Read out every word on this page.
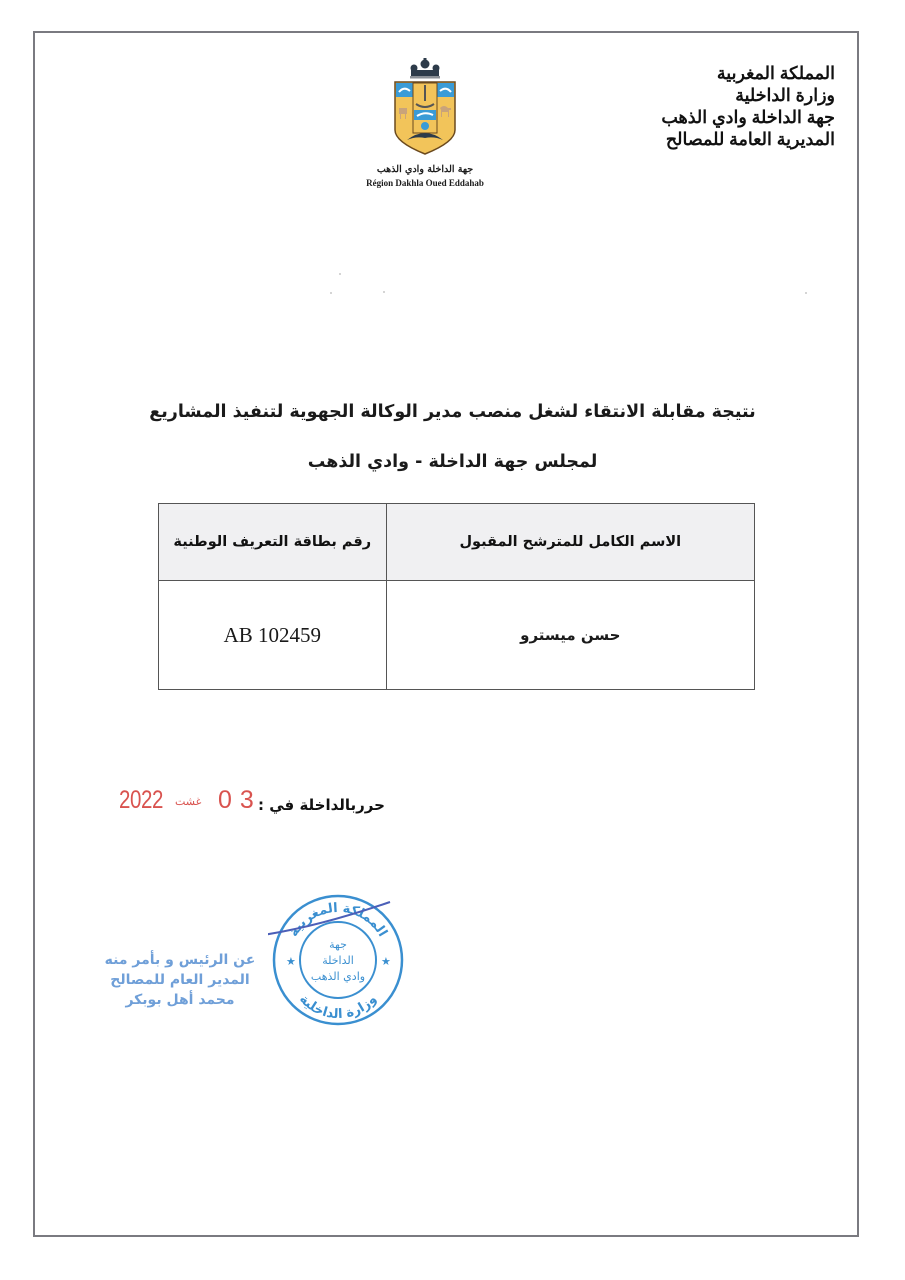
المملكة المغربية
وزارة الداخلية
جهة الداخلة وادي الذهب
المديرية العامة للمصالح
جهة الداخلة وادي الذهب
Région Dakhla Oued Eddahab
نتيجة مقابلة الانتقاء لشغل منصب مدير الوكالة الجهوية لتنفيذ المشاريع
لمجلس جهة الداخلة - وادي الذهب
الاسم الكامل للمترشح المقبول	رقم بطاقة التعريف الوطنية
حسن ميسترو	AB 102459
حرربالداخلة في :
2022 غشت 03
عن الرئيس و بأمر منه
المدير العام للمصالح
محمد أهل بوبكر
المملكة المغربية
وزارة الداخلية
★	★
جهة
الداخلة
وادي الذهب
